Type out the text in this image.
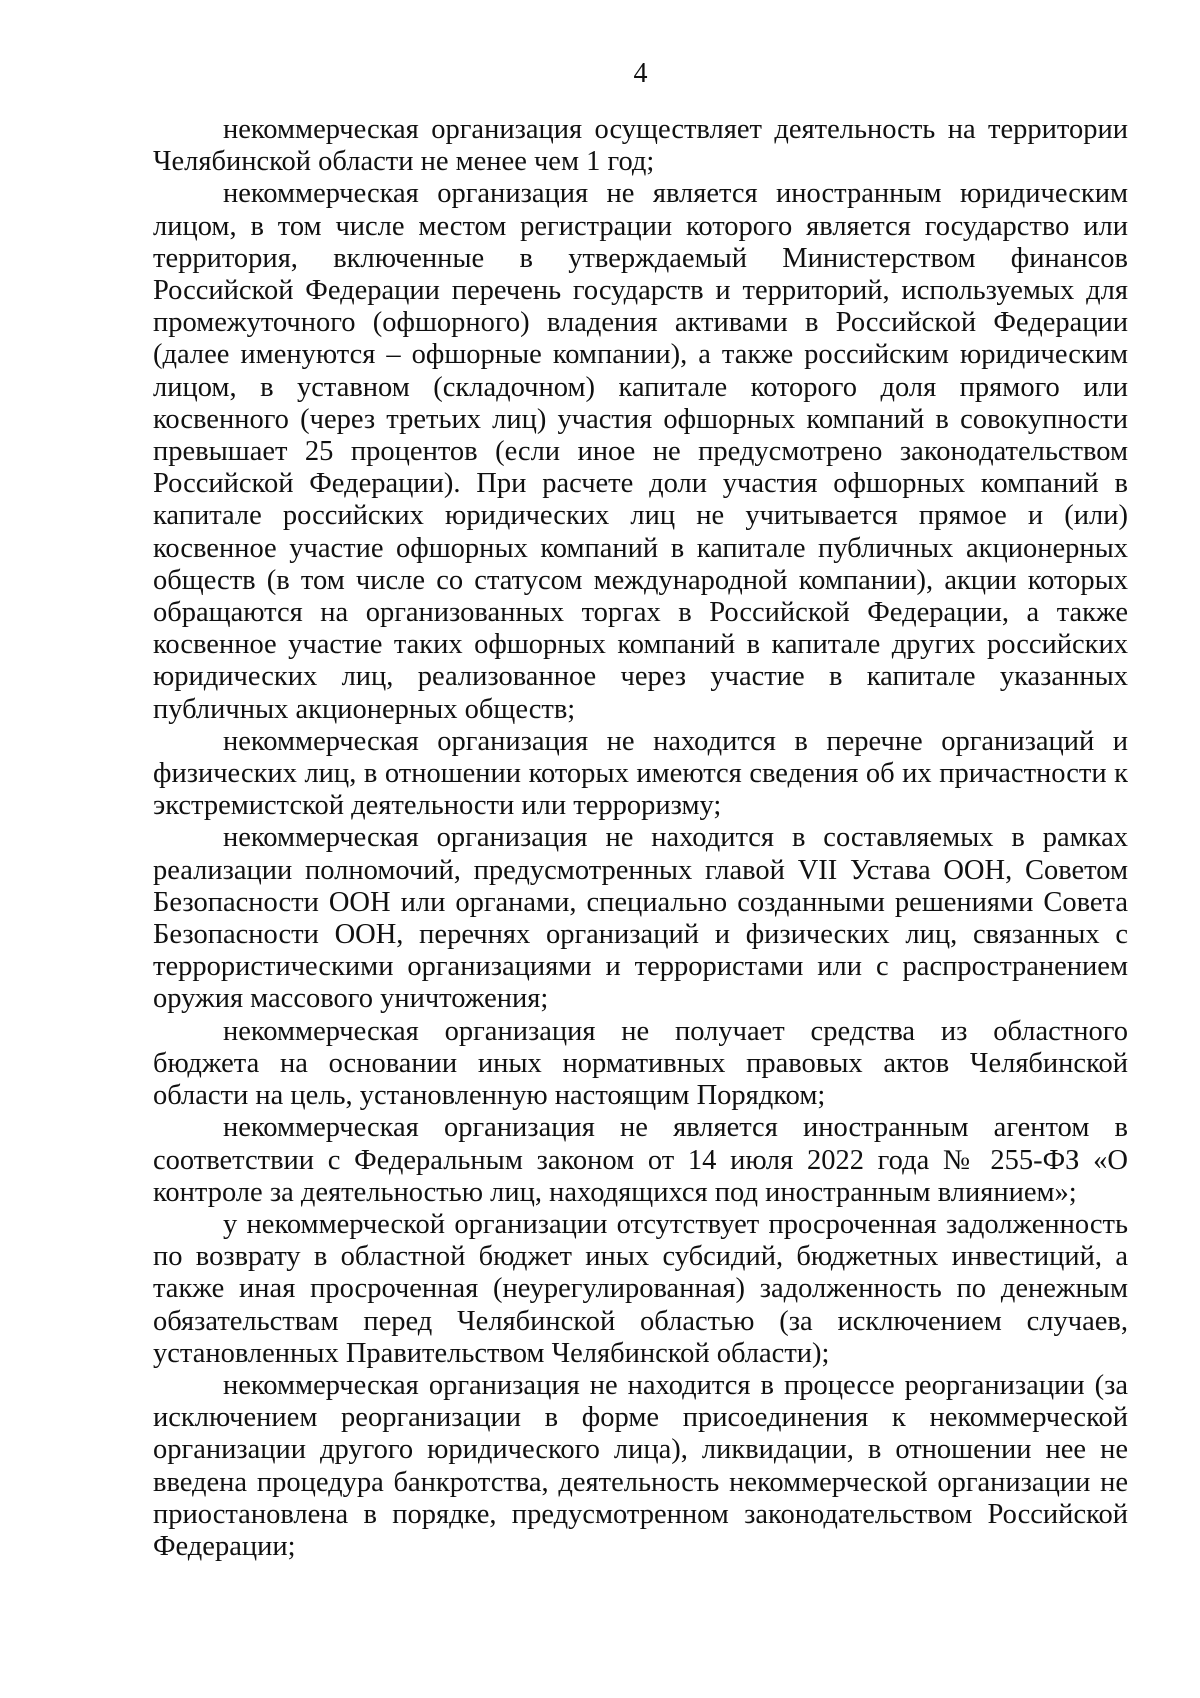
4

некоммерческая организация осуществляет деятельность на территории Челябинской области не менее чем 1 год;

некоммерческая организация не является иностранным юридическим лицом, в том числе местом регистрации которого является государство или территория, включенные в утверждаемый Министерством финансов Российской Федерации перечень государств и территорий, используемых для промежуточного (офшорного) владения активами в Российской Федерации (далее именуются – офшорные компании), а также российским юридическим лицом, в уставном (складочном) капитале которого доля прямого или косвенного (через третьих лиц) участия офшорных компаний в совокупности превышает 25 процентов (если иное не предусмотрено законодательством Российской Федерации). При расчете доли участия офшорных компаний в капитале российских юридических лиц не учитывается прямое и (или) косвенное участие офшорных компаний в капитале публичных акционерных обществ (в том числе со статусом международной компании), акции которых обращаются на организованных торгах в Российской Федерации, а также косвенное участие таких офшорных компаний в капитале других российских юридических лиц, реализованное через участие в капитале указанных публичных акционерных обществ;

некоммерческая организация не находится в перечне организаций и физических лиц, в отношении которых имеются сведения об их причастности к экстремистской деятельности или терроризму;

некоммерческая организация не находится в составляемых в рамках реализации полномочий, предусмотренных главой VII Устава ООН, Советом Безопасности ООН или органами, специально созданными решениями Совета Безопасности ООН, перечнях организаций и физических лиц, связанных с террористическими организациями и террористами или с распространением оружия массового уничтожения;

некоммерческая организация не получает средства из областного бюджета на основании иных нормативных правовых актов Челябинской области на цель, установленную настоящим Порядком;

некоммерческая организация не является иностранным агентом в соответствии с Федеральным законом от 14 июля 2022 года № 255-ФЗ «О контроле за деятельностью лиц, находящихся под иностранным влиянием»;

у некоммерческой организации отсутствует просроченная задолженность по возврату в областной бюджет иных субсидий, бюджетных инвестиций, а также иная просроченная (неурегулированная) задолженность по денежным обязательствам перед Челябинской областью (за исключением случаев, установленных Правительством Челябинской области);

некоммерческая организация не находится в процессе реорганизации (за исключением реорганизации в форме присоединения к некоммерческой организации другого юридического лица), ликвидации, в отношении нее не введена процедура банкротства, деятельность некоммерческой организации не приостановлена в порядке, предусмотренном законодательством Российской Федерации;
